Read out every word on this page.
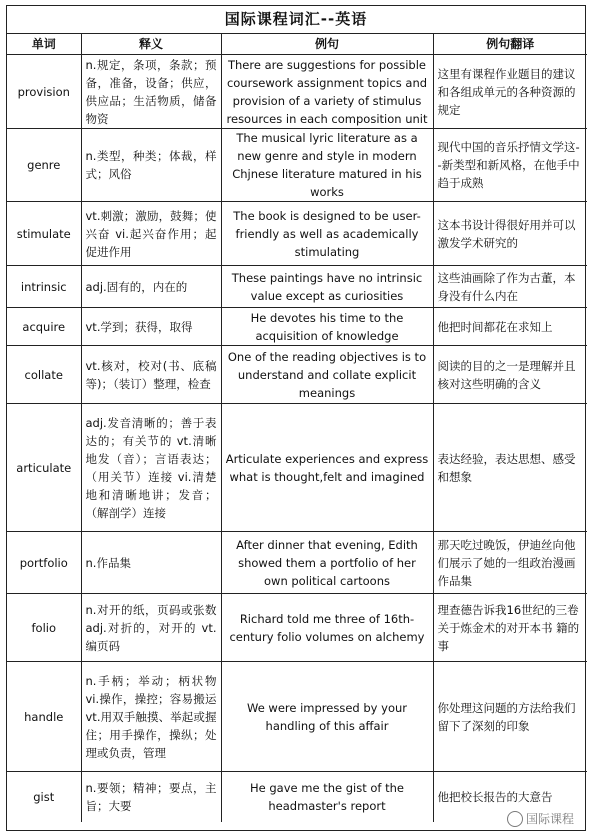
国际课程词汇--英语
单词	释义	例句	例句翻译
provision	n.规定，条项，条款；预备，准备，设备；供应，供应品；生活物质，储备物资	There are suggestions for possible coursework assignment topics and provision of a variety of stimulus resources in each composition unit	这里有课程作业题目的建议和各组成单元的各种资源的规定
genre	n.类型，种类；体裁，样式；风俗	The musical lyric literature as a new genre and style in modern Chjnese literature matured in his works	现代中国的音乐抒情文学这--新类型和新风格，在他手中趋于成熟
stimulate	vt.刺激；激励，鼓舞；使兴奋 vi.起兴奋作用；起促进作用	The book is designed to be user-friendly as well as academically stimulating	这本书设计得很好用并可以激发学术研究的
intrinsic	adj.固有的，内在的	These paintings have no intrinsic value except as curiosities	这些油画除了作为古董，本身没有什么内在
acquire	vt.学到；获得，取得	He devotes his time to the acquisition of knowledge	他把时间都花在求知上
collate	vt.核对，校对(书、底稿等)；（装订）整理，检查	One of the reading objectives is to understand and collate explicit meanings	阅读的目的之一是理解并且核对这些明确的含义
articulate	adj.发音清晰的；善于表达的；有关节的 vt.清晰地发（音）；言语表达；（用关节）连接 vi.清楚地和清晰地讲；发音；（解剖学）连接	Articulate experiences and express what is thought,felt and imagined	表达经验，表达思想、感受和想象
portfolio	n.作品集	After dinner that evening, Edith showed them a portfolio of her own political cartoons	那天吃过晚饭，伊迪丝向他们展示了她的一组政治漫画 作品集
folio	n.对开的纸，页码或张数 adj.对折的，对开的 vt.编页码	Richard told me three of 16th-century folio volumes on alchemy	理查德告诉我16世纪的三卷关于炼金术的对开本书 籍的事
handle	n.手柄；举动；柄状物 vi.操作，操控；容易搬运 vt.用双手触摸、举起或握住；用手操作，操纵；处理或负责，管理	We were impressed by your handling of this affair	你处理这问题的方法给我们留下了深刻的印象
gist	n.要领；精神；要点，主旨；大要	He gave me the gist of the headmaster's report	他把校长报告的大意告
国际课程
